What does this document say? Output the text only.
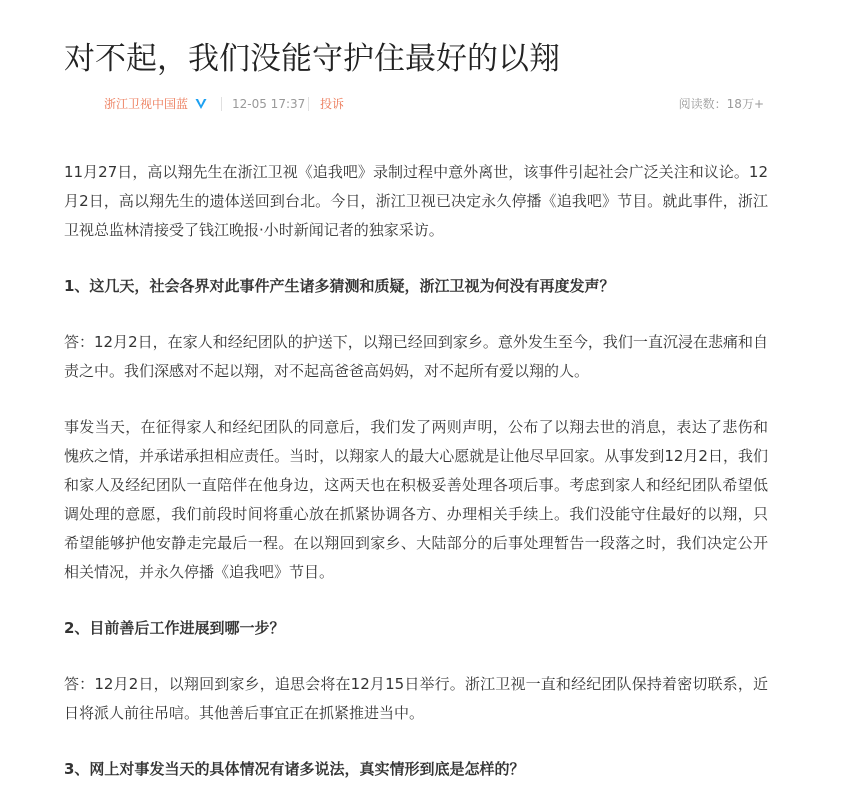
对不起，我们没能守护住最好的以翔
浙江卫视中国蓝	12-05 17:37 投诉	阅读数：18万+

11月27日，高以翔先生在浙江卫视《追我吧》录制过程中意外离世，该事件引起社会广泛关注和议论。12月2日，高以翔先生的遗体送回到台北。今日，浙江卫视已决定永久停播《追我吧》节目。就此事件，浙江卫视总监林清接受了钱江晚报·小时新闻记者的独家采访。

1、这几天，社会各界对此事件产生诸多猜测和质疑，浙江卫视为何没有再度发声？

答：12月2日，在家人和经纪团队的护送下，以翔已经回到家乡。意外发生至今，我们一直沉浸在悲痛和自责之中。我们深感对不起以翔，对不起高爸爸高妈妈，对不起所有爱以翔的人。

事发当天，在征得家人和经纪团队的同意后，我们发了两则声明，公布了以翔去世的消息，表达了悲伤和愧疚之情，并承诺承担相应责任。当时，以翔家人的最大心愿就是让他尽早回家。从事发到12月2日，我们和家人及经纪团队一直陪伴在他身边，这两天也在积极妥善处理各项后事。考虑到家人和经纪团队希望低调处理的意愿，我们前段时间将重心放在抓紧协调各方、办理相关手续上。我们没能守住最好的以翔，只希望能够护他安静走完最后一程。在以翔回到家乡、大陆部分的后事处理暂告一段落之时，我们决定公开相关情况，并永久停播《追我吧》节目。

2、目前善后工作进展到哪一步？

答：12月2日，以翔回到家乡，追思会将在12月15日举行。浙江卫视一直和经纪团队保持着密切联系，近日将派人前往吊唁。其他善后事宜正在抓紧推进当中。

3、网上对事发当天的具体情况有诸多说法，真实情形到底是怎样的？
